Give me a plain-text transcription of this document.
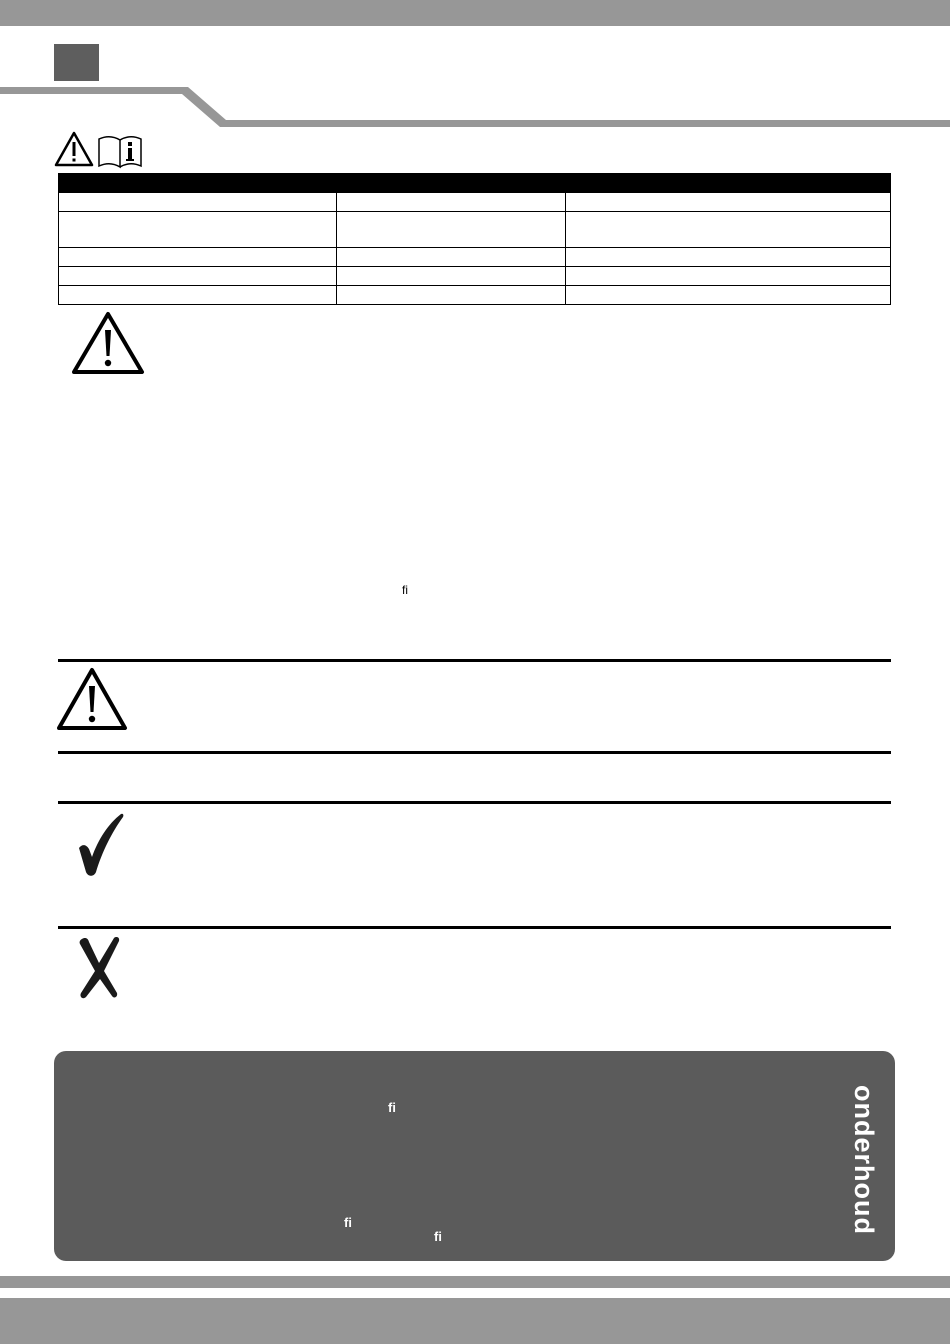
ﬁ
ﬁ
ﬁ
ﬁ
onderhoud
